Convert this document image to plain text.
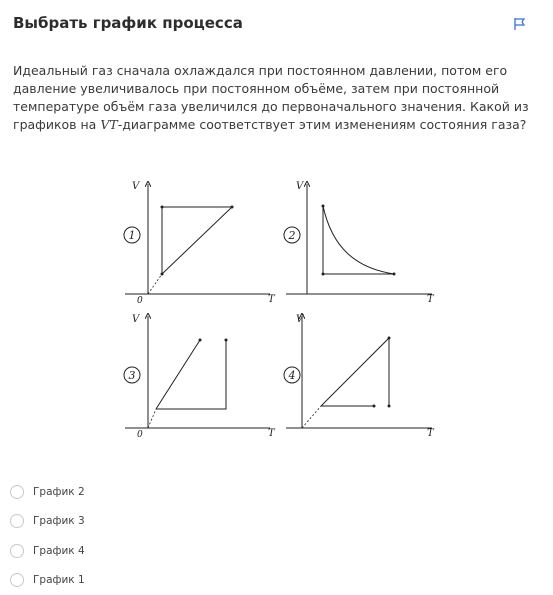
Выбрать график процесса
Идеальный газ сначала охлаждался при постоянном давлении, потом его давление увеличивалось при постоянном объёме, затем при постоянной температуре объём газа увеличился до первоначального значения. Какой из графиков на VT-диаграмме соответствует этим изменениям состояния газа?
V
T
0
1
V
T
2
V
T
0
3
V
T
4
График 2
График 3
График 4
График 1
